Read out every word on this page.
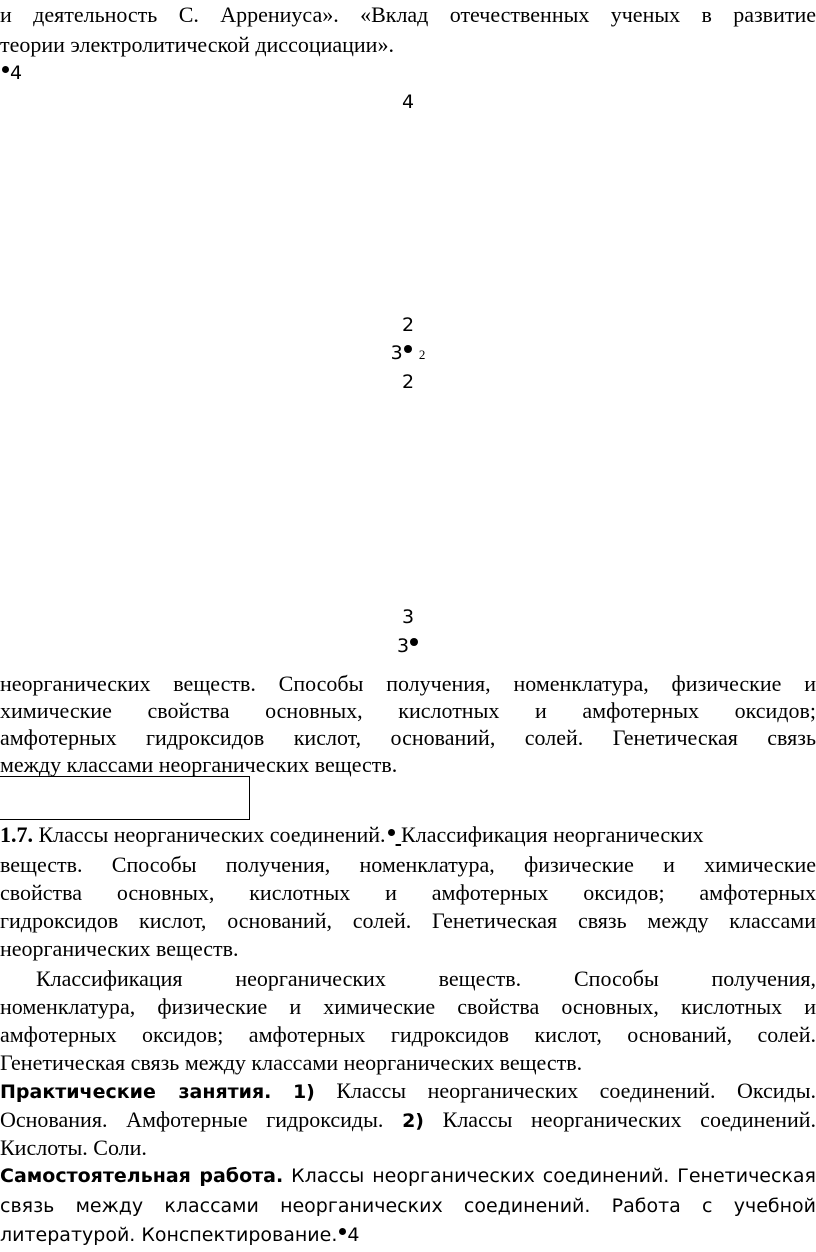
и деятельность С. Аррениуса». «Вклад отечественных ученых в развитие
теории электролитической диссоциации».
4
4
2
3 2
2
3
3
неорганических веществ. Способы получения, номенклатура, физические и
химические свойства основных, кислотных и амфотерных оксидов;
амфотерных гидроксидов кислот, оснований, солей. Генетическая связь
между классами неорганических веществ.
1.7. Классы неорганических соединений. Классификация неорганических
веществ. Способы получения, номенклатура, физические и химические
свойства основных, кислотных и амфотерных оксидов; амфотерных
гидроксидов кислот, оснований, солей. Генетическая связь между классами
неорганических веществ.
Классификация неорганических веществ. Способы получения,
номенклатура, физические и химические свойства основных, кислотных и
амфотерных оксидов; амфотерных гидроксидов кислот, оснований, солей.
Генетическая связь между классами неорганических веществ.
Практические занятия. 1) Классы неорганических соединений. Оксиды.
Основания. Амфотерные гидроксиды. 2) Классы неорганических соединений.
Кислоты. Соли.
Самостоятельная работа. Классы неорганических соединений. Генетическая
связь между классами неорганических соединений. Работа с учебной
литературой. Конспектирование. 4
